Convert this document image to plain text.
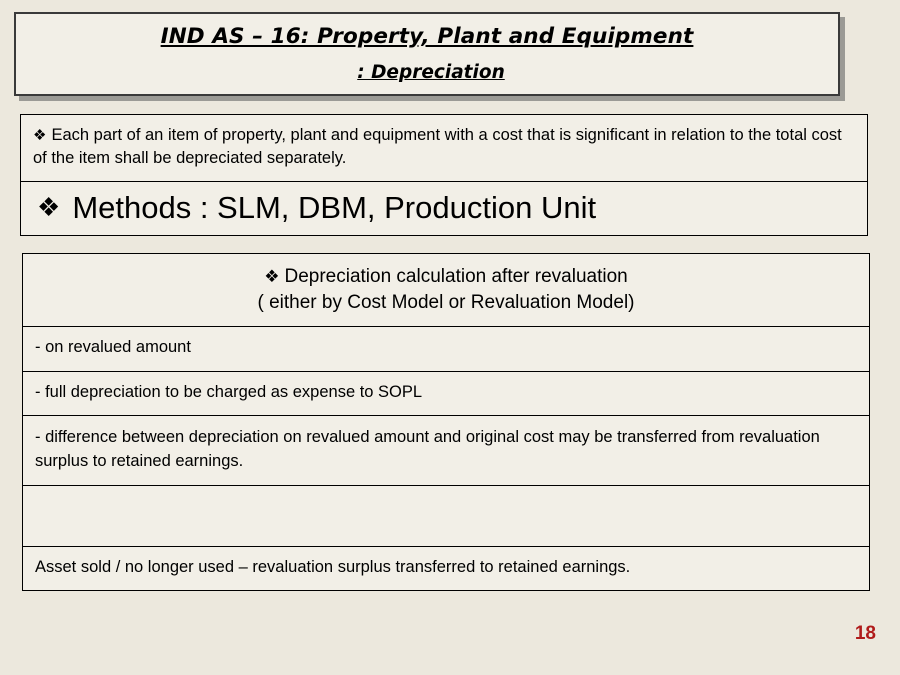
IND AS – 16: Property, Plant and Equipment
: Depreciation
❖ Each part of an item of property, plant and equipment with a cost that is significant in relation to the total cost of the item shall be depreciated separately.
❖ Methods : SLM, DBM, Production Unit
❖ Depreciation calculation after revaluation
( either by Cost Model or Revaluation Model)
- on revalued amount
- full depreciation to be charged as expense to SOPL
- difference between depreciation on revalued amount and original cost may be transferred from revaluation surplus to retained earnings.
Asset sold / no longer used – revaluation surplus transferred to retained earnings.
18
